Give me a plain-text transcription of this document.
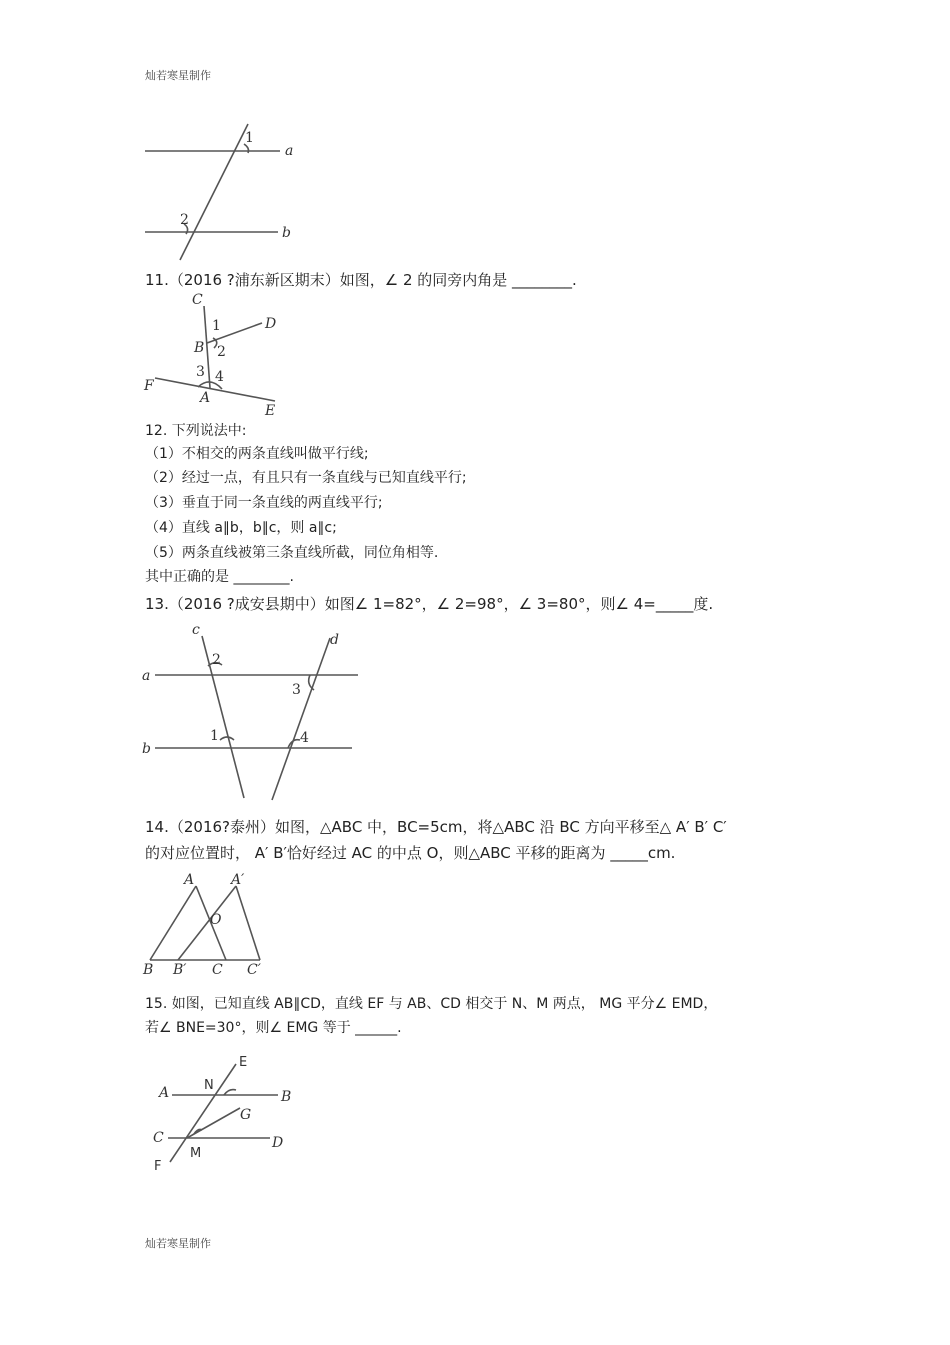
灿若寒星制作
1
2
a
b
11.（2016 ?浦东新区期末）如图，∠ 2 的同旁内角是 ________.
C
D
B
F
A
E
1
2
3 4
12. 下列说法中:
（1）不相交的两条直线叫做平行线;
（2）经过一点，有且只有一条直线与已知直线平行;
（3）垂直于同一条直线的两直线平行;
（4）直线 a∥b，b∥c，则 a∥c;
（5）两条直线被第三条直线所截，同位角相等.
其中正确的是 ________.
13.（2016 ?成安县期中）如图∠ 1=82°，∠ 2=98°，∠ 3=80°，则∠ 4=_____度.
c
d
a
b
2
1
3
4
14.（2016?泰州）如图，△ABC 中，BC=5cm，将△ABC 沿 BC 方向平移至△ A′ B′ C′
的对应位置时， A′ B′恰好经过 AC 的中点 O，则△ABC 平移的距离为 _____cm.
A	A′
O
B B′ C C′
15. 如图，已知直线 AB∥CD，直线 EF 与 AB、CD 相交于 N、M 两点， MG 平分∠ EMD，
若∠ BNE=30°，则∠ EMG 等于 ______.
E
N
A	B
G
C	D
F
M
灿若寒星制作
